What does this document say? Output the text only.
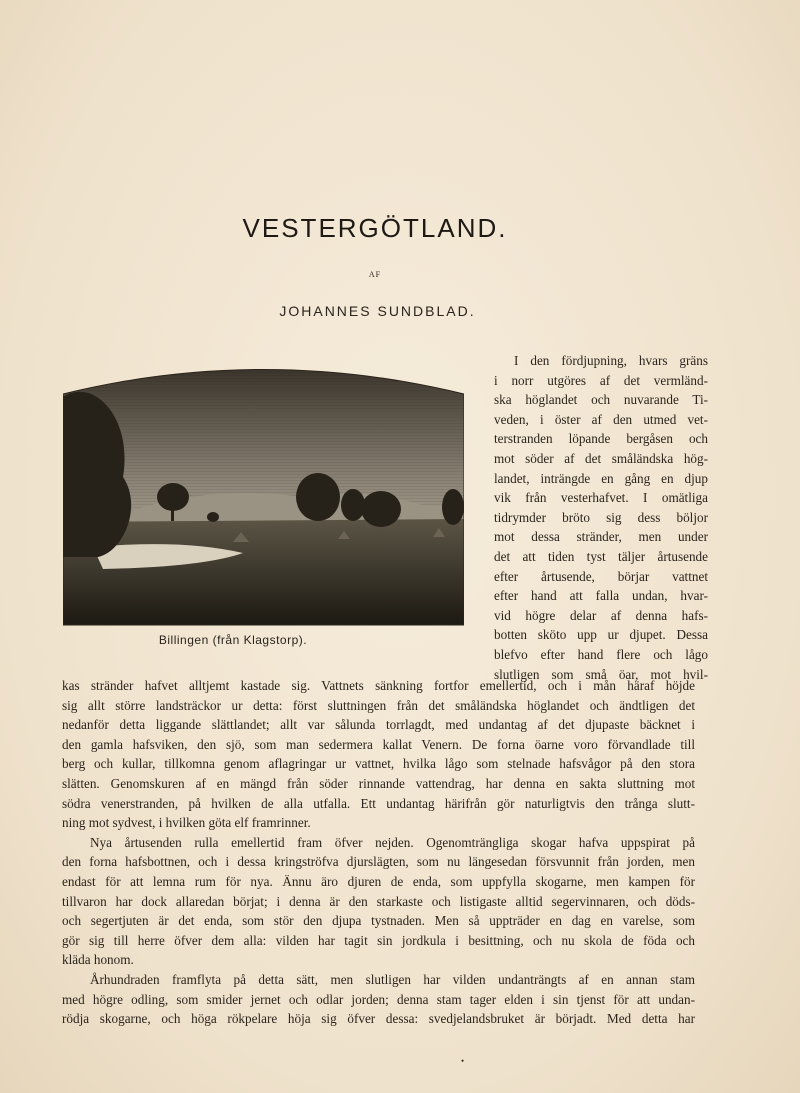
VESTERGÖTLAND.
AF
JOHANNES SUNDBLAD.
Billingen (från Klagstorp).
I den fördjupning, hvars gräns
i norr utgöres af det vermländ-
ska höglandet och nuvarande Ti-
veden, i öster af den utmed vet-
terstranden löpande bergåsen och
mot söder af det småländska hög-
landet, inträngde en gång en djup
vik från vesterhafvet. I omätliga
tidrymder bröto sig dess böljor
mot dessa stränder, men under
det att tiden tyst täljer årtusende
efter årtusende, börjar vattnet
efter hand att falla undan, hvar-
vid högre delar af denna hafs-
botten sköto upp ur djupet. Dessa
blefvo efter hand flere och lågo
slutligen som små öar, mot hvil-
kas stränder hafvet alltjemt kastade sig. Vattnets sänkning fortfor emellertid, och i mån häraf höjde
sig allt större landsträckor ur detta: först sluttningen från det småländska höglandet och ändtligen det
nedanför detta liggande slättlandet; allt var sålunda torrlagdt, med undantag af det djupaste bäcknet i
den gamla hafsviken, den sjö, som man sedermera kallat Venern. De forna öarne voro förvandlade till
berg och kullar, tillkomna genom aflagringar ur vattnet, hvilka lågo som stelnade hafsvågor på den stora
slätten. Genomskuren af en mängd från söder rinnande vattendrag, har denna en sakta sluttning mot
södra venerstranden, på hvilken de alla utfalla. Ett undantag härifrån gör naturligtvis den trånga slutt-
ning mot sydvest, i hvilken göta elf framrinner.
Nya årtusenden rulla emellertid fram öfver nejden. Ogenomträngliga skogar hafva uppspirat på
den forna hafsbottnen, och i dessa kringströfva djurslägten, som nu längesedan försvunnit från jorden, men
endast för att lemna rum för nya. Ännu äro djuren de enda, som uppfylla skogarne, men kampen för
tillvaron har dock allaredan börjat; i denna är den starkaste och listigaste alltid segervinnaren, och döds-
och segertjuten är det enda, som stör den djupa tystnaden. Men så uppträder en dag en varelse, som
gör sig till herre öfver dem alla: vilden har tagit sin jordkula i besittning, och nu skola de föda och
kläda honom.
Århundraden framflyta på detta sätt, men slutligen har vilden undanträngts af en annan stam
med högre odling, som smider jernet och odlar jorden; denna stam tager elden i sin tjenst för att undan-
rödja skogarne, och höga rökpelare höja sig öfver dessa: svedjelandsbruket är börjadt. Med detta har
•
